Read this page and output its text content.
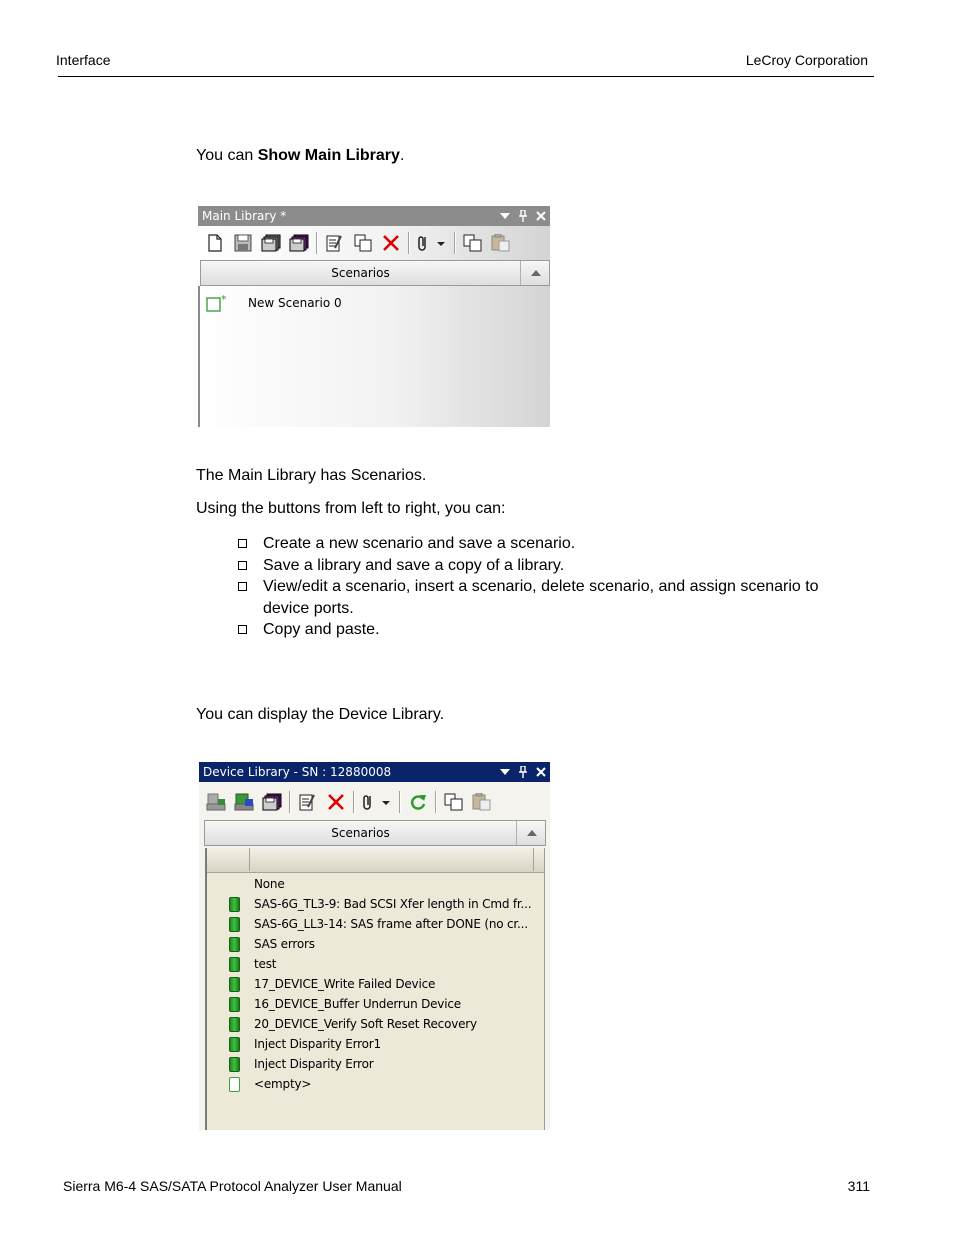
Interface	LeCroy Corporation
You can Show Main Library.
Main Library *
Scenarios
* New Scenario 0
The Main Library has Scenarios.
Using the buttons from left to right, you can:
Create a new scenario and save a scenario.
Save a library and save a copy of a library.
View/edit a scenario, insert a scenario, delete scenario, and assign scenario to device ports.
Copy and paste.
You can display the Device Library.
Device Library - SN : 12880008
Scenarios
None
SAS-6G_TL3-9: Bad SCSI Xfer length in Cmd fr...
SAS-6G_LL3-14: SAS frame after DONE (no cr...
SAS errors
test
17_DEVICE_Write Failed Device
16_DEVICE_Buffer Underrun Device
20_DEVICE_Verify Soft Reset Recovery
Inject Disparity Error1
Inject Disparity Error
<empty>
Sierra M6-4 SAS/SATA Protocol Analyzer User Manual	311
